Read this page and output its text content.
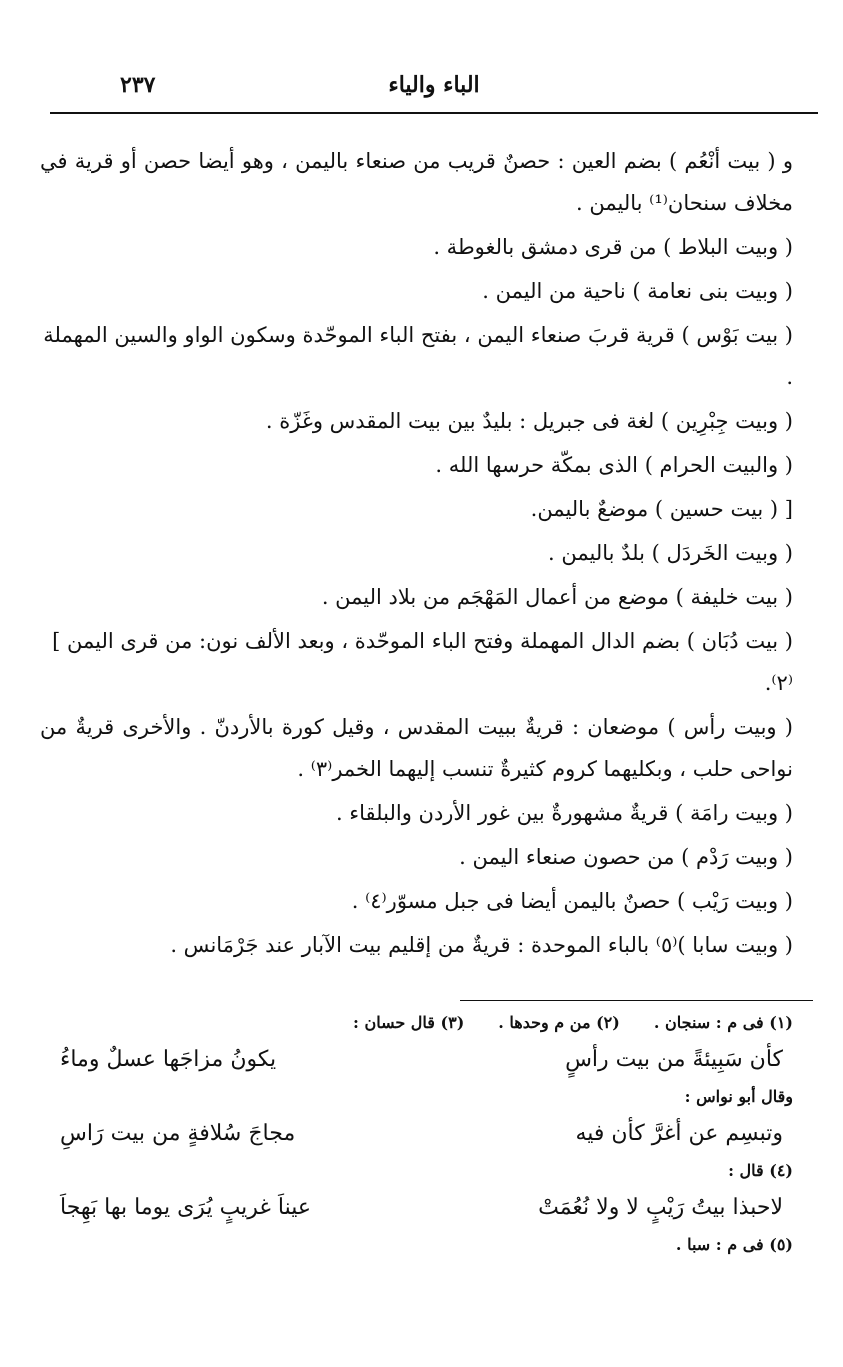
الباء والياء
٢٣٧

و ( بيت أنْعُم ) بضم العين : حصنٌ قريب من صنعاء باليمن ، وهو أيضا حصن أو قرية في مخلاف سنحان⁽¹⁾ باليمن .

( وبيت البلاط ) من قرى دمشق بالغوطة .

( وبيت بنى نعامة ) ناحية من اليمن .

( بيت بَوْس ) قرية قربَ صنعاء اليمن ، بفتح الباء الموحّدة وسكون الواو والسين المهملة .

( وبيت جِبْرِين ) لغة فى جبريل : بليدٌ بين بيت المقدس وغَزّة .

( والبيت الحرام ) الذى بمكّة حرسها الله .

[ ( بيت حسين ) موضعٌ باليمن.

( وبيت الخَردَل ) بلدٌ باليمن .

( بيت خليفة ) موضع من أعمال المَهْجَم من بلاد اليمن .

( بيت دُبَان ) بضم الدال المهملة وفتح الباء الموحّدة ، وبعد الألف نون: من قرى اليمن ]⁽٢⁾.

( وبيت رأس ) موضعان : قريةٌ ببيت المقدس ، وقيل كورة بالأردنّ . والأخرى قريةٌ من نواحى حلب ، وبكليهما كروم كثيرةٌ تنسب إليهما الخمر⁽٣⁾ .

( وبيت رامَة ) قريةٌ مشهورةٌ بين غور الأردن والبلقاء .

( وبيت رَدْم ) من حصون صنعاء اليمن .

( وبيت رَيْب ) حصنٌ باليمن أيضا فى جبل مسوّر⁽٤⁾ .

( وبيت سابا )⁽٥⁾ بالباء الموحدة : قريةٌ من إقليم بيت الآبار عند جَرْمَانس .

(١) فى م : سنجان .
(٢) من م وحدها .
(٣) قال حسان :
كأن سَبِيئةً من بيت رأسٍ
يكونُ مزاجَها عسلٌ وماءُ
وقال أبو نواس :
وتبسِم عن أغرَّ كأن فيه
مجاجَ سُلافةٍ من بيت رَاسِ
(٤) قال :
لاحبذا بيتُ رَيْبٍ لا ولا نُعُمَتْ
عيناَ غريبٍ يُرَى يوما بها بَهِجاَ
(٥) فى م : سبا .
